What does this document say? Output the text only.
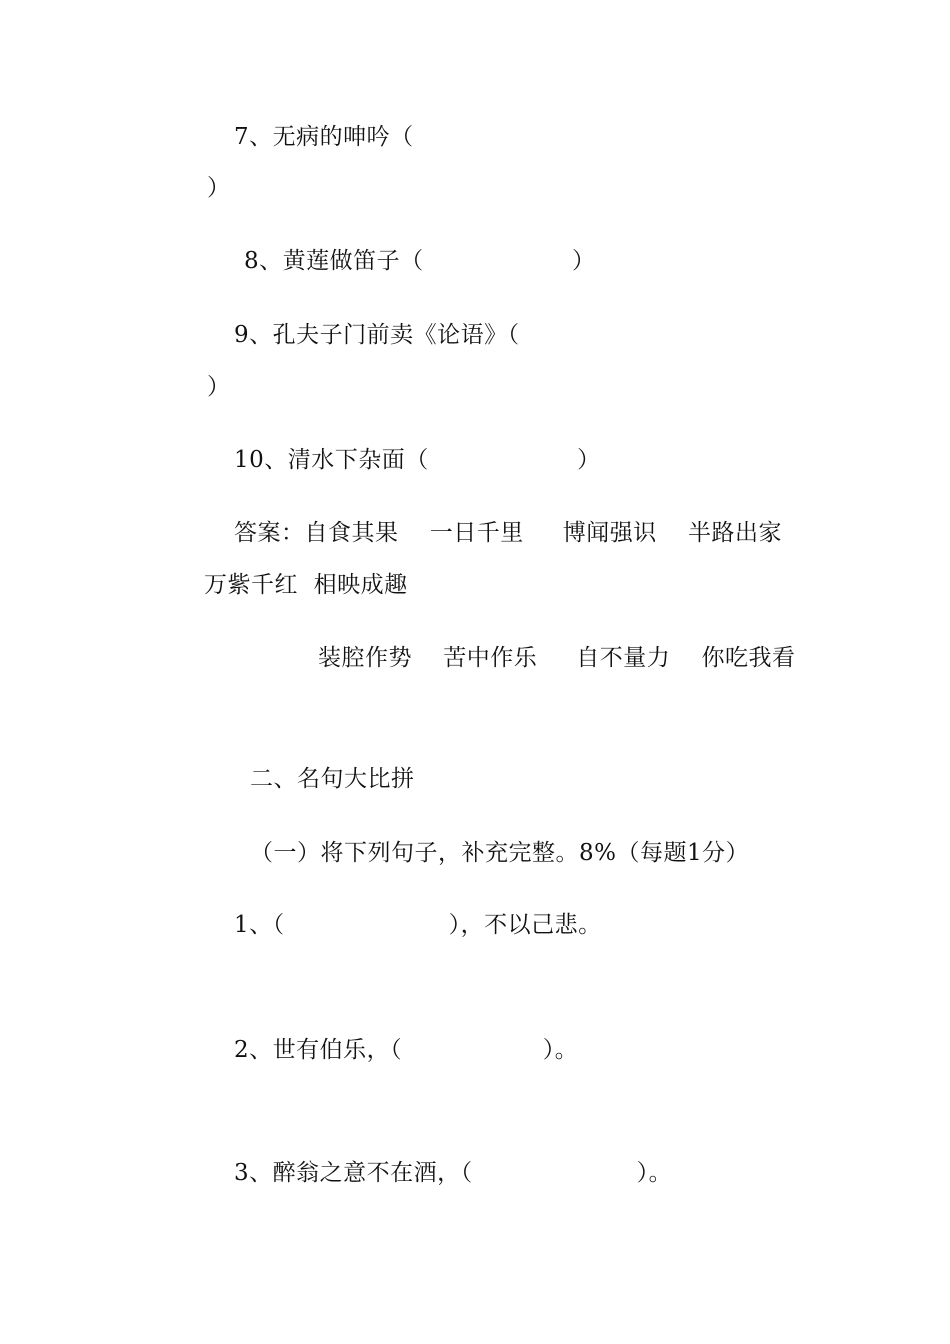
7、无病的呻吟（
）
8、黄莲做笛子（                   ）
9、孔夫子门前卖《论语》（
）
10、清水下杂面（                   ）
答案：自食其果    一日千里     博闻强识    半路出家
万紫千红  相映成趣
装腔作势    苦中作乐     自不量力    你吃我看
二、名句大比拼
（一）将下列句子，补充完整。8%（每题1分）
1、（                     ），不以己悲。
2、世有伯乐，（                  ）。
3、醉翁之意不在酒，（                     ）。
